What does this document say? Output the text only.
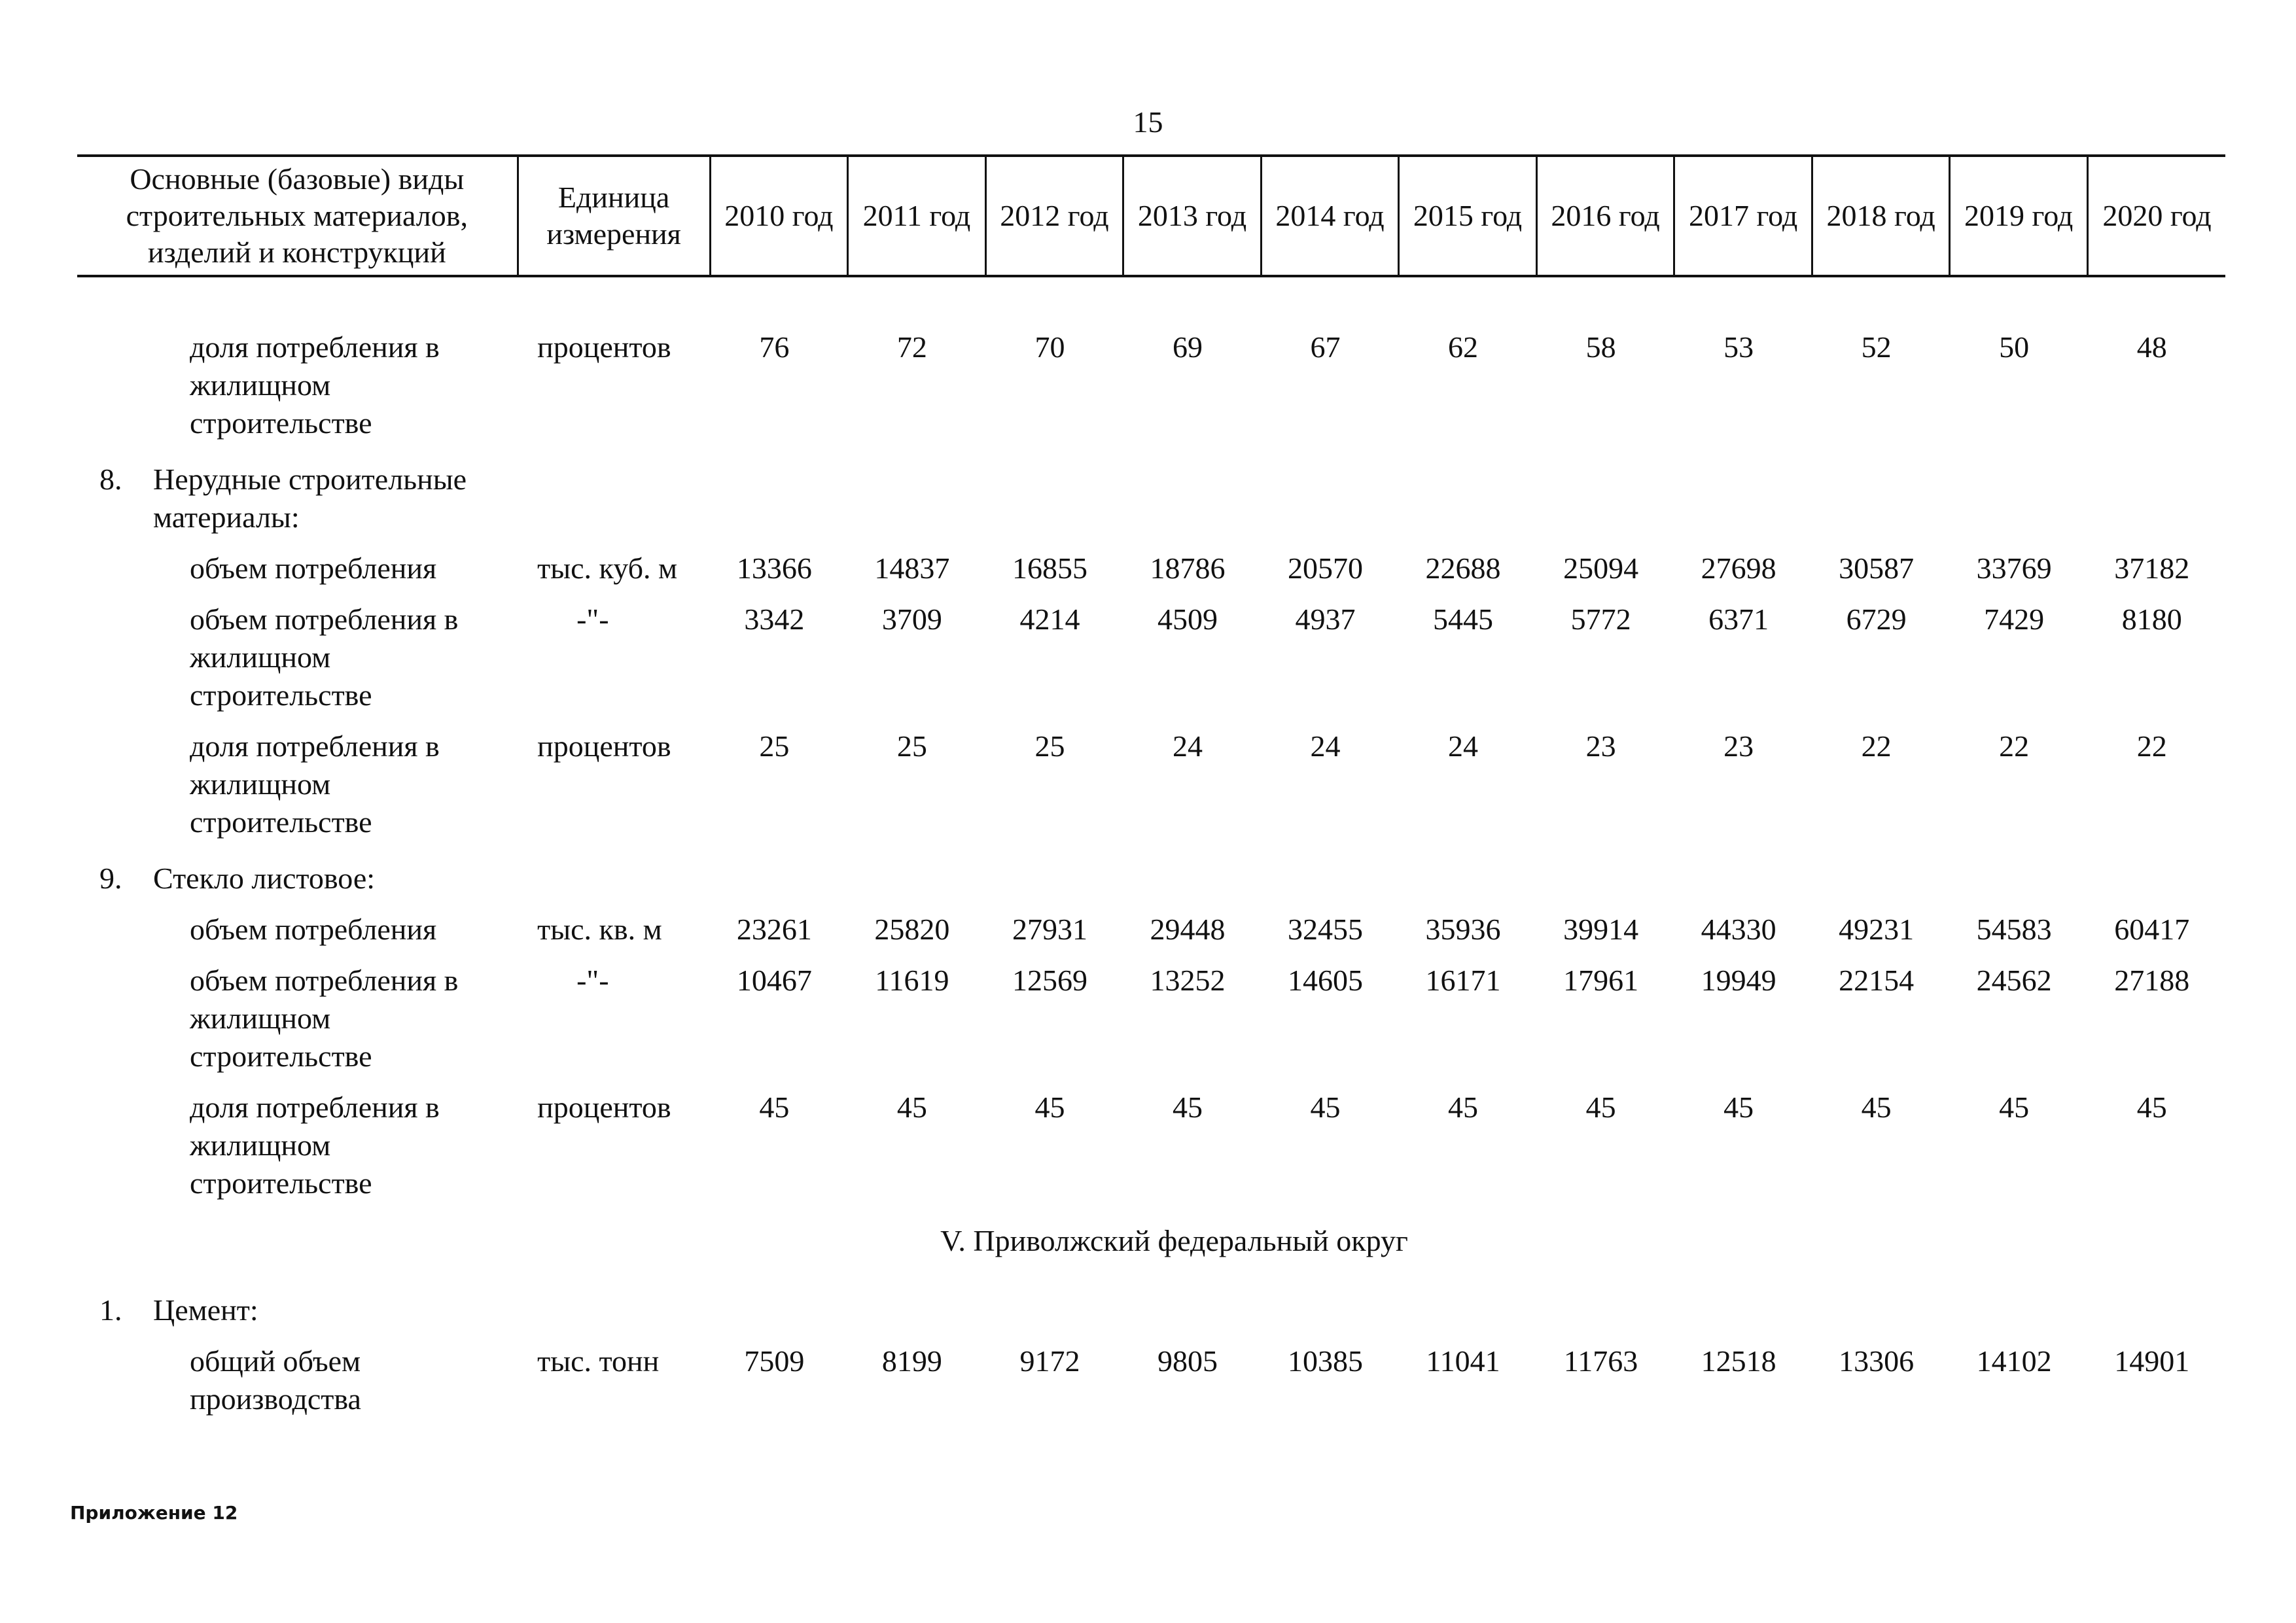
15
Основные (базовые) виды строительных материалов, изделий и конструкций	Единица измерения	2010 год	2011 год	2012 год	2013 год	2014 год	2015 год	2016 год	2017 год	2018 год	2019 год	2020 год

доля потребления в жилищном строительстве	процентов	76	72	70	69	67	62	58	53	52	50	48
8. Нерудные строительные материалы:												
объем потребления	тыс. куб. м	13366	14837	16855	18786	20570	22688	25094	27698	30587	33769	37182
объем потребления в жилищном строительстве	-"-	3342	3709	4214	4509	4937	5445	5772	6371	6729	7429	8180
доля потребления в жилищном строительстве	процентов	25	25	25	24	24	24	23	23	22	22	22
9. Стекло листовое:												
объем потребления	тыс. кв. м	23261	25820	27931	29448	32455	35936	39914	44330	49231	54583	60417
объем потребления в жилищном строительстве	-"-	10467	11619	12569	13252	14605	16171	17961	19949	22154	24562	27188
доля потребления в жилищном строительстве	процентов	45	45	45	45	45	45	45	45	45	45	45
V. Приволжский федеральный округ												
1. Цемент:												
общий объем производства	тыс. тонн	7509	8199	9172	9805	10385	11041	11763	12518	13306	14102	14901
Приложение 12
